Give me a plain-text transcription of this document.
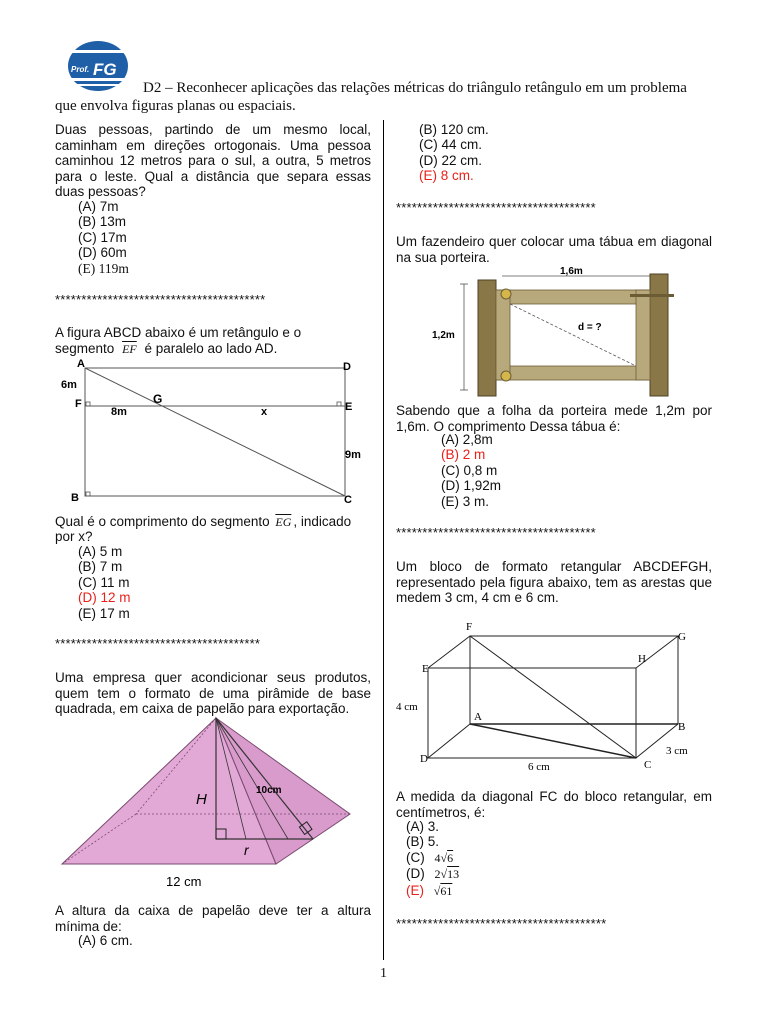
Prof. FG
D2 – Reconhecer aplicações das relações métricas do triângulo retângulo em um problema
que envolva figuras planas ou espaciais.
Duas pessoas, partindo de um mesmo local, caminham em direções ortogonais. Uma pessoa caminhou 12 metros para o sul, a outra, 5 metros para o leste. Qual a distância que separa essas duas pessoas?
(A) 7m
(B) 13m
(C) 17m
(D) 60m
(E) 119m
****************************************
A figura ABCD abaixo é um retângulo e o
segmento $\overline{EF}$ é paralelo ao lado AD.
A	D
6m
F	G
E
8m	x
9m
B	C
Qual é o comprimento do segmento $\overline{EG}$ , indicado
por x?
(A) 5 m
(B) 7 m
(C) 11 m
(D) 12 m
(E) 17 m
***************************************
Uma empresa quer acondicionar seus produtos, quem tem o formato de uma pirâmide de base quadrada, em caixa de papelão para exportação.
H
10cm
r
12 cm
A altura da caixa de papelão deve ter a altura mínima de:
(A) 6 cm.
(B) 120 cm.
(C) 44 cm.
(D) 22 cm.
(E) 8 cm.
**************************************
Um fazendeiro quer colocar uma tábua em diagonal na sua porteira.
1,6m
1,2m
d = ?
Sabendo que a folha da porteira mede 1,2m por 1,6m. O comprimento Dessa tábua é:
(A) 2,8m
(B) 2 m
(C) 0,8 m
(D) 1,92m
(E) 3 m.
**************************************
Um bloco de formato retangular ABCDEFGH, representado pela figura abaixo, tem as arestas que medem 3 cm, 4 cm e 6 cm.
F
G
E
H
A
B
4 cm
3 cm
D	C
6 cm
A medida da diagonal FC do bloco retangular, em centímetros, é:
(A) 3.
(B) 5.
(C) 4√6
(D) 2√13
(E) √61
****************************************
1
